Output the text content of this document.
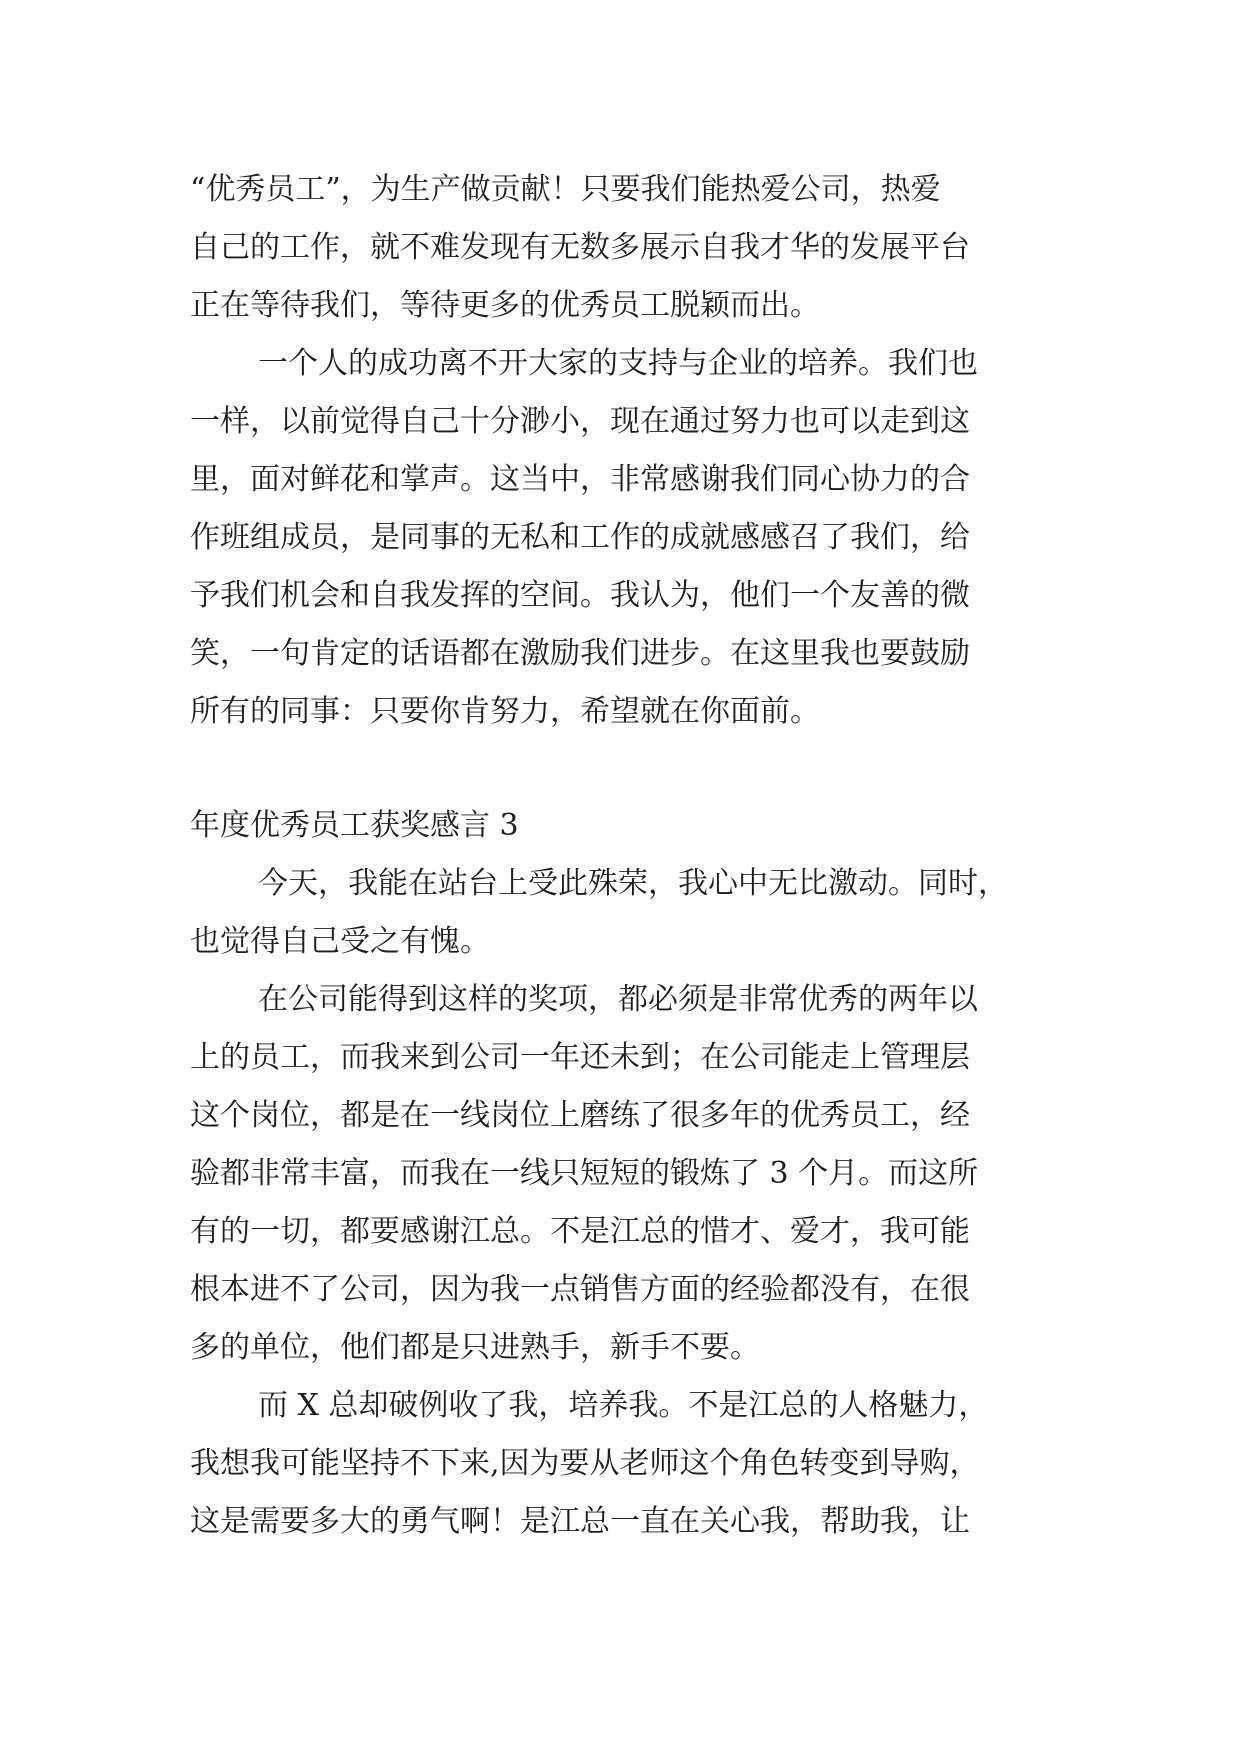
“优秀员工”，为生产做贡献！只要我们能热爱公司，热爱
自己的工作，就不难发现有无数多展示自我才华的发展平台
正在等待我们，等待更多的优秀员工脱颖而出。
一个人的成功离不开大家的支持与企业的培养。我们也
一样，以前觉得自己十分渺小，现在通过努力也可以走到这
里，面对鲜花和掌声。这当中，非常感谢我们同心协力的合
作班组成员，是同事的无私和工作的成就感感召了我们，给
予我们机会和自我发挥的空间。我认为，他们一个友善的微
笑，一句肯定的话语都在激励我们进步。在这里我也要鼓励
所有的同事：只要你肯努力，希望就在你面前。
年度优秀员工获奖感言 3
今天，我能在站台上受此殊荣，我心中无比激动。同时，
也觉得自己受之有愧。
在公司能得到这样的奖项，都必须是非常优秀的两年以
上的员工，而我来到公司一年还未到；在公司能走上管理层
这个岗位，都是在一线岗位上磨练了很多年的优秀员工，经
验都非常丰富，而我在一线只短短的锻炼了 3 个月。而这所
有的一切，都要感谢江总。不是江总的惜才、爱才，我可能
根本进不了公司，因为我一点销售方面的经验都没有，在很
多的单位，他们都是只进熟手，新手不要。
而 X 总却破例收了我，培养我。不是江总的人格魅力，
我想我可能坚持不下来,因为要从老师这个角色转变到导购，
这是需要多大的勇气啊！是江总一直在关心我，帮助我，让
